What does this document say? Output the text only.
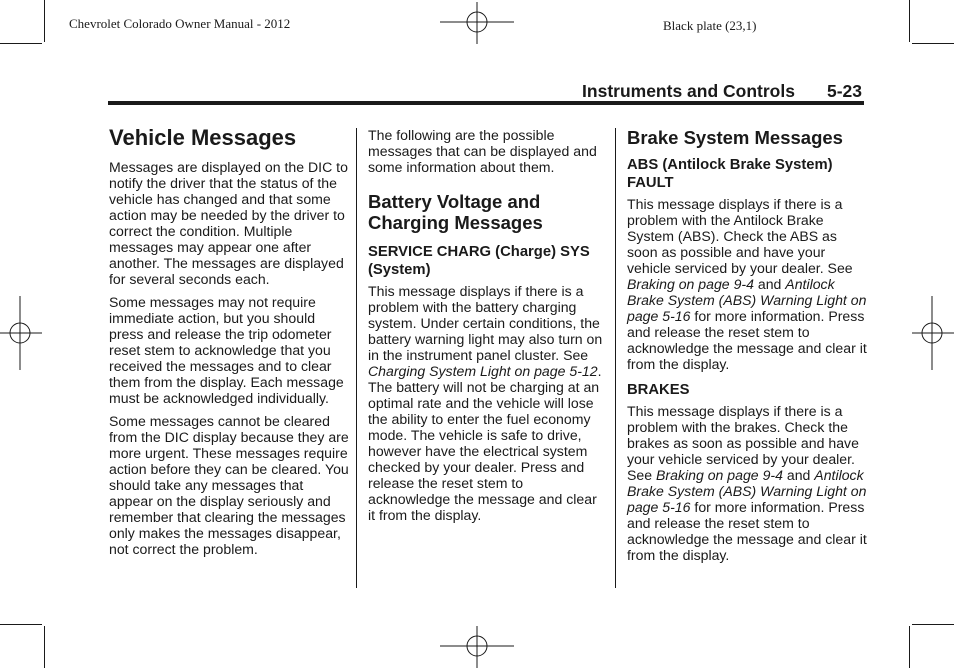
Chevrolet Colorado Owner Manual - 2012	Black plate (23,1)
Instruments and Controls 5-23
Vehicle Messages

Messages are displayed on the DIC to notify the driver that the status of the vehicle has changed and that some action may be needed by the driver to correct the condition. Multiple messages may appear one after another. The messages are displayed for several seconds each.

Some messages may not require immediate action, but you should press and release the trip odometer reset stem to acknowledge that you received the messages and to clear them from the display. Each message must be acknowledged individually.

Some messages cannot be cleared from the DIC display because they are more urgent. These messages require action before they can be cleared. You should take any messages that appear on the display seriously and remember that clearing the messages only makes the messages disappear, not correct the problem.

The following are the possible messages that can be displayed and some information about them.

Battery Voltage and Charging Messages
SERVICE CHARG (Charge) SYS (System)

This message displays if there is a problem with the battery charging system. Under certain conditions, the battery warning light may also turn on in the instrument panel cluster. See Charging System Light on page 5-12. The battery will not be charging at an optimal rate and the vehicle will lose the ability to enter the fuel economy mode. The vehicle is safe to drive, however have the electrical system checked by your dealer. Press and release the reset stem to acknowledge the message and clear it from the display.

Brake System Messages
ABS (Antilock Brake System) FAULT

This message displays if there is a problem with the Antilock Brake System (ABS). Check the ABS as soon as possible and have your vehicle serviced by your dealer. See Braking on page 9-4 and Antilock Brake System (ABS) Warning Light on page 5-16 for more information. Press and release the reset stem to acknowledge the message and clear it from the display.

BRAKES

This message displays if there is a problem with the brakes. Check the brakes as soon as possible and have your vehicle serviced by your dealer. See Braking on page 9-4 and Antilock Brake System (ABS) Warning Light on page 5-16 for more information. Press and release the reset stem to acknowledge the message and clear it from the display.
